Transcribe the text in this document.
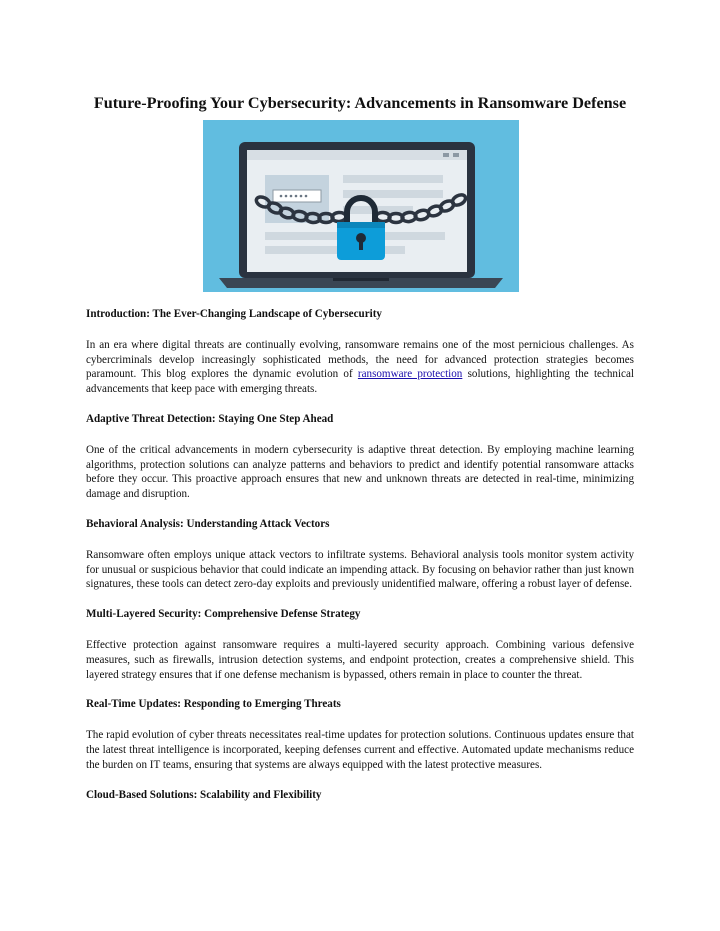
Future-Proofing Your Cybersecurity: Advancements in Ransomware Defense
Introduction: The Ever-Changing Landscape of Cybersecurity

In an era where digital threats are continually evolving, ransomware remains one of the most pernicious challenges. As cybercriminals develop increasingly sophisticated methods, the need for advanced protection strategies becomes paramount. This blog explores the dynamic evolution of ransomware protection solutions, highlighting the technical advancements that keep pace with emerging threats.

Adaptive Threat Detection: Staying One Step Ahead

One of the critical advancements in modern cybersecurity is adaptive threat detection. By employing machine learning algorithms, protection solutions can analyze patterns and behaviors to predict and identify potential ransomware attacks before they occur. This proactive approach ensures that new and unknown threats are detected in real-time, minimizing damage and disruption.

Behavioral Analysis: Understanding Attack Vectors

Ransomware often employs unique attack vectors to infiltrate systems. Behavioral analysis tools monitor system activity for unusual or suspicious behavior that could indicate an impending attack. By focusing on behavior rather than just known signatures, these tools can detect zero-day exploits and previously unidentified malware, offering a robust layer of defense.

Multi-Layered Security: Comprehensive Defense Strategy

Effective protection against ransomware requires a multi-layered security approach. Combining various defensive measures, such as firewalls, intrusion detection systems, and endpoint protection, creates a comprehensive shield. This layered strategy ensures that if one defense mechanism is bypassed, others remain in place to counter the threat.

Real-Time Updates: Responding to Emerging Threats

The rapid evolution of cyber threats necessitates real-time updates for protection solutions. Continuous updates ensure that the latest threat intelligence is incorporated, keeping defenses current and effective. Automated update mechanisms reduce the burden on IT teams, ensuring that systems are always equipped with the latest protective measures.

Cloud-Based Solutions: Scalability and Flexibility
